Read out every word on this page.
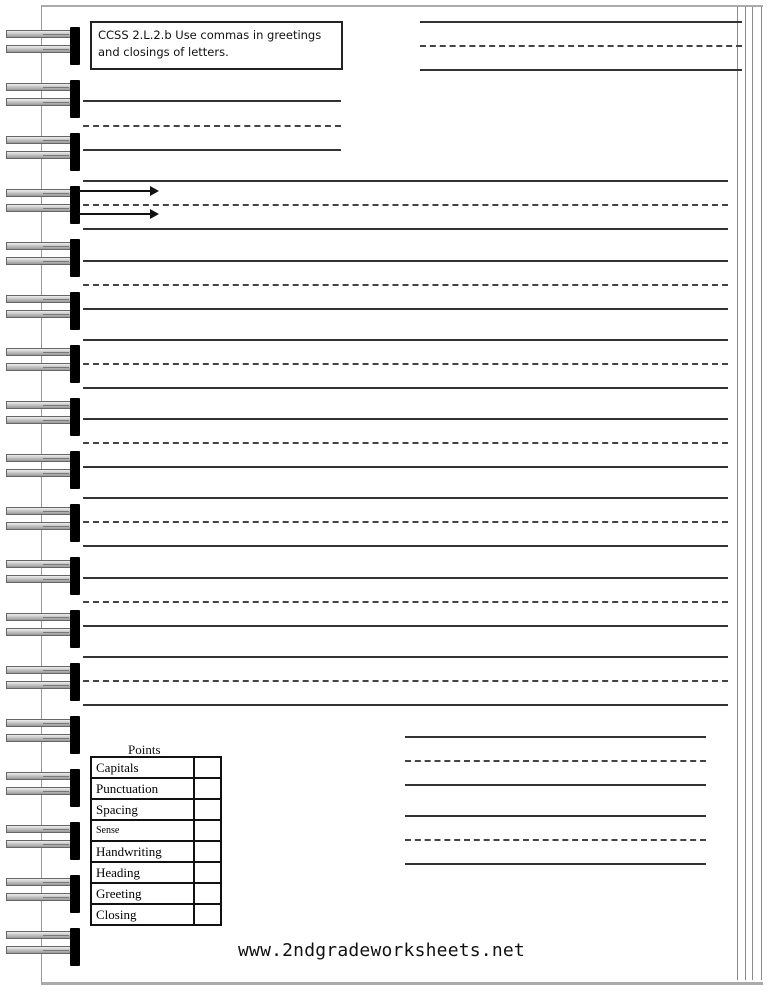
CCSS 2.L.2.b Use commas in greetings
and closings of letters.
Points
Capitals	
Punctuation	
Spacing	
Sense	
Handwriting	
Heading	
Greeting	
Closing	
www.2ndgradeworksheets.net
